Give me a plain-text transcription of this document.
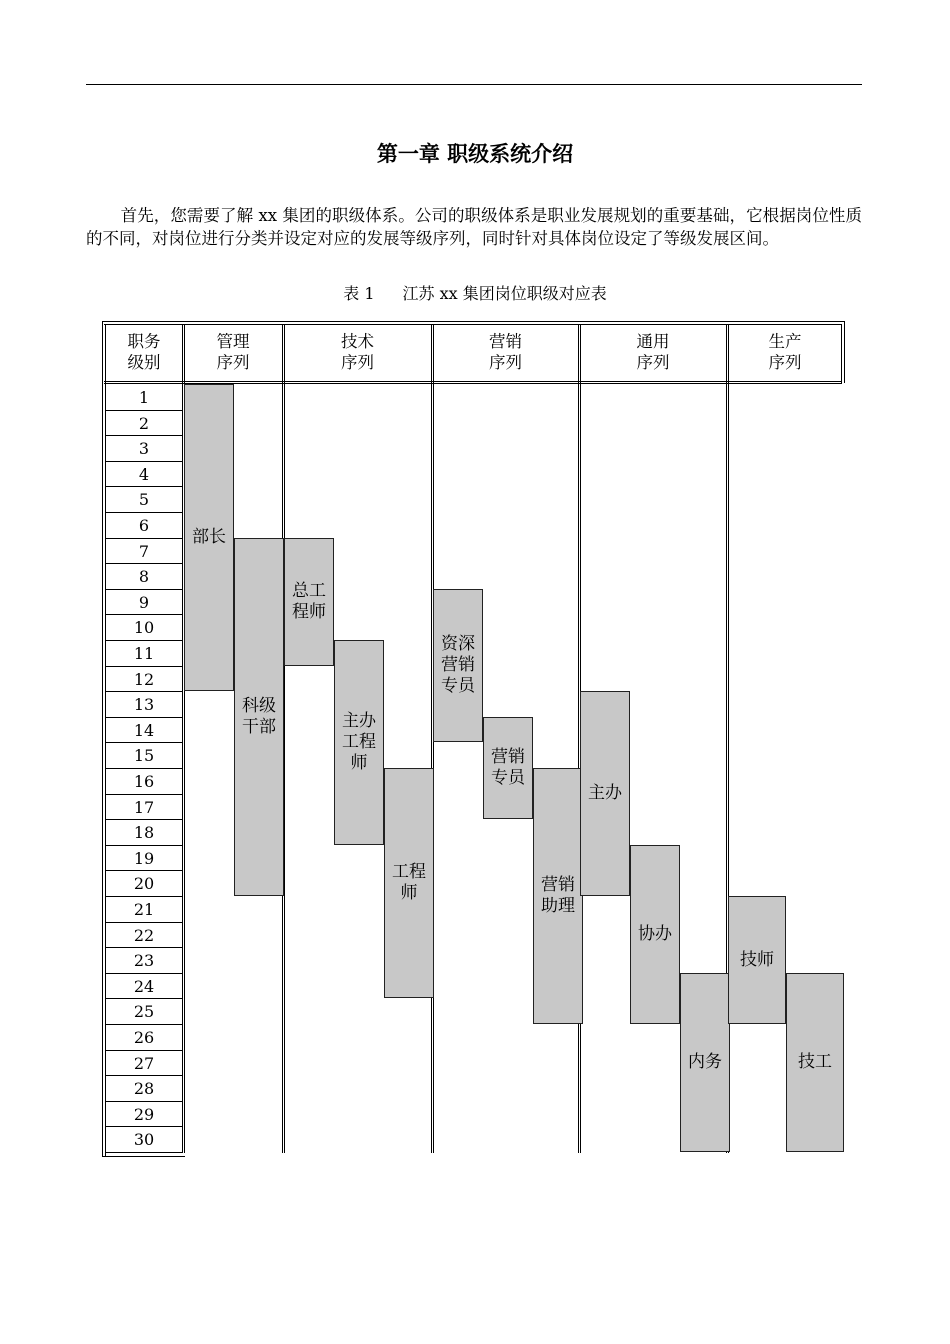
第一章 职级系统介绍

首先，您需要了解 xx 集团的职级体系。公司的职级体系是职业发展规划的重要基础，它根据岗位性质的不同，对岗位进行分类并设定对应的发展等级序列，同时针对具体岗位设定了等级发展区间。

表 1 江苏 xx 集团岗位职级对应表
职务
级别
管理
序列
技术
序列
营销
序列
通用
序列
生产
序列
1
2
3
4
5
6
7
8
9
10
11
12
13
14
15
16
17
18
19
20
21
22
23
24
25
26
27
28
29
30
部长
科级干部
总工程师
主办工程师
工程师
资深营销专员
营销专员
营销助理
主办
协办
内务
技师
技工
